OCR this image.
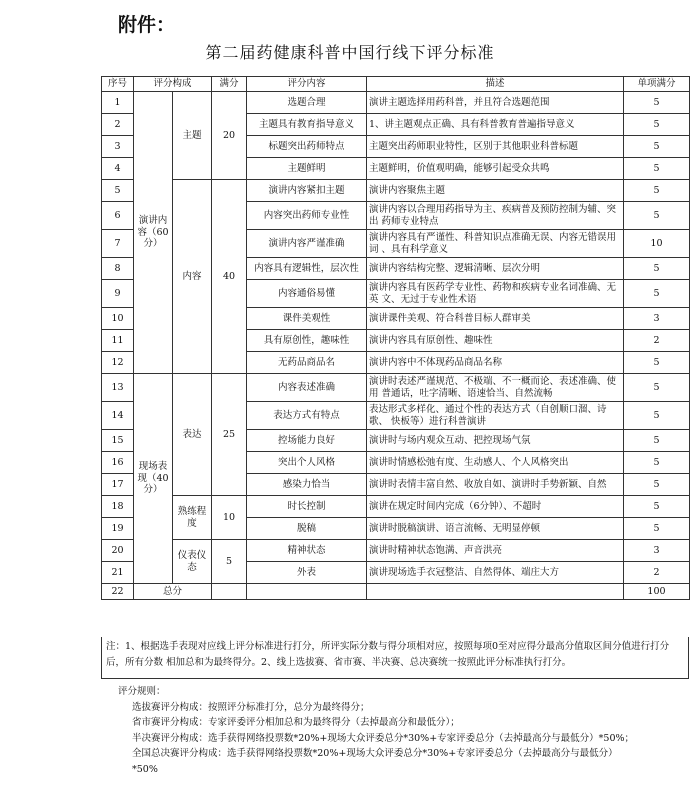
附件：
第二届药健康科普中国行线下评分标准
序号	评分构成		满分	评分内容	描述	单项满分
1	演讲内容（60分）	主题	20	选题合理	演讲主题选择用药科普，并且符合选题范围	5
2				主题具有教育指导意义	1、讲主题观点正确、具有科普教育普遍指导意义	5
3				标题突出药师特点	主题突出药师职业特性，区别于其他职业科普标题	5
4				主题鲜明	主题鲜明，价值观明确，能够引起受众共鸣	5
5		内容	40	演讲内容紧扣主题	演讲内容聚焦主题	5
6				内容突出药师专业性	演讲内容以合理用药指导为主、疾病普及预防控制为辅、突出 药师专业特点	5
7				演讲内容严谨准确	演讲内容具有严谨性、科普知识点准确无误、内容无错误用词 、具有科学意义	10
8				内容具有逻辑性，层次性	演讲内容结构完整、逻辑清晰、层次分明	5
9				内容通俗易懂	演讲内容具有医药学专业性、药物和疾病专业名词准确、无英 文、无过于专业性术语	5
10				课件美观性	演讲课件美观、符合科普目标人群审美	3
11				具有原创性，趣味性	演讲内容具有原创性、趣味性	2
12				无药品商品名	演讲内容中不体现药品商品名称	5
13	现场表现（40分）	表达	25	内容表述准确	演讲时表述严谨规范、不极端、不一概而论、表述准确、使用 普通话，吐字清晰、语速恰当、自然流畅	5
14				表达方式有特点	表达形式多样化、通过个性的表达方式（自创顺口溜、诗歌、 快板等）进行科普演讲	5
15				控场能力良好	演讲时与场内观众互动、把控现场气氛	5
16				突出个人风格	演讲时情感松弛有度、生动感人、个人风格突出	5
17				感染力恰当	演讲时表情丰富自然、收放自如、演讲时手势新颖、自然	5
18		熟练程度	10	时长控制	演讲在规定时间内完成（6分钟）、不超时	5
19				脱稿	演讲时脱稿演讲、语言流畅、无明显停顿	5
20		仪表仪态	5	精神状态	演讲时精神状态饱满、声音洪亮	3
21				外表	演讲现场选手衣冠整洁、自然得体、端庄大方	2
22	总分					100
注：1、根据选手表现对应线上评分标准进行打分，所评实际分数与得分项相对应，按照每项0至对应得分最高分值取区间分值进行打分后，所有分数 相加总和为最终得分。2、线上选拔赛、省市赛、半决赛、总决赛统一按照此评分标准执行打分。
评分规则：
选拔赛评分构成：按照评分标准打分，总分为最终得分；
省市赛评分构成：专家评委评分相加总和为最终得分（去掉最高分和最低分）；
半决赛评分构成：选手获得网络投票数*20%+现场大众评委总分*30%+专家评委总分（去掉最高分与最低分）*50%；
全国总决赛评分构成：选手获得网络投票数*20%+现场大众评委总分*30%+专家评委总分（去掉最高分与最低分）
*50%
